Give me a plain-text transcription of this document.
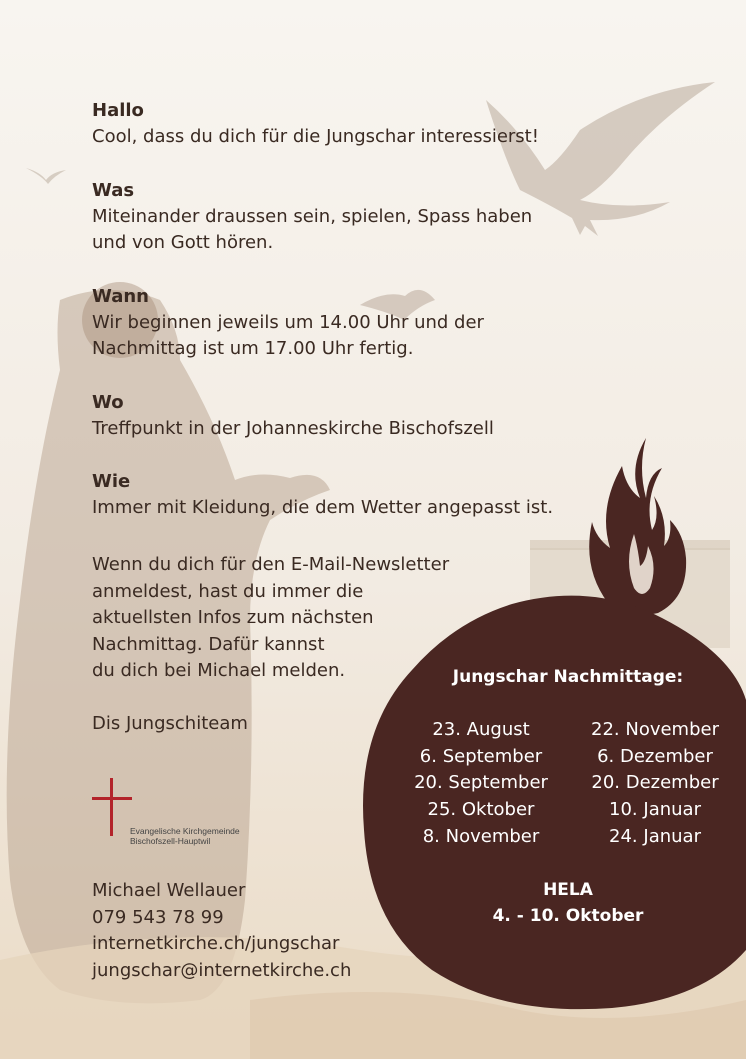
Hallo

Cool, dass du dich für die Jungschar interessierst!

Was

Miteinander draussen sein, spielen, Spass haben

und von Gott hören.

Wann

Wir beginnen jeweils um 14.00 Uhr und der

Nachmittag ist um 17.00 Uhr fertig.

Wo

Treffpunkt in der Johanneskirche Bischofszell

Wie

Immer mit Kleidung, die dem Wetter angepasst ist.

Wenn du dich für den E-Mail-Newsletter
anmeldest, hast du immer die
aktuellsten Infos zum nächsten
Nachmittag. Dafür kannst
du dich bei Michael melden.
Dis Jungschiteam
Evangelische Kirchgemeinde
Bischofszell-Hauptwil
Michael Wellauer
079 543 78 99
internetkirche.ch/jungschar
jungschar@internetkirche.ch
Jungschar Nachmittage:
23. August
6. September
20. September
25. Oktober
8. November
22. November
6. Dezember
20. Dezember
10. Januar
24. Januar
HELA
4. - 10. Oktober
